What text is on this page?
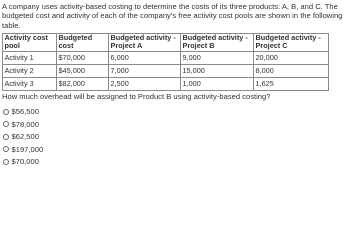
A company uses activity-based costing to determine the costs of its three products: A, B, and C. The budgeted cost and activity of each of the company's free activity cost pools are shown in the following table.

Activity cost pool	Budgeted cost	Budgeted activity - Project A	Budgeted activity - Project B	Budgeted activity - Project C
Activity 1	$70,000	6,000	9,000	20,000
Activity 2	$45,000	7,000	15,000	8,000
Activity 3	$82,000	2,500	1,000	1,625

How much overhead will be assigned to Product B using activity-based costing?

$56,500
$78,000
$62,500
$197,000
$70,000
